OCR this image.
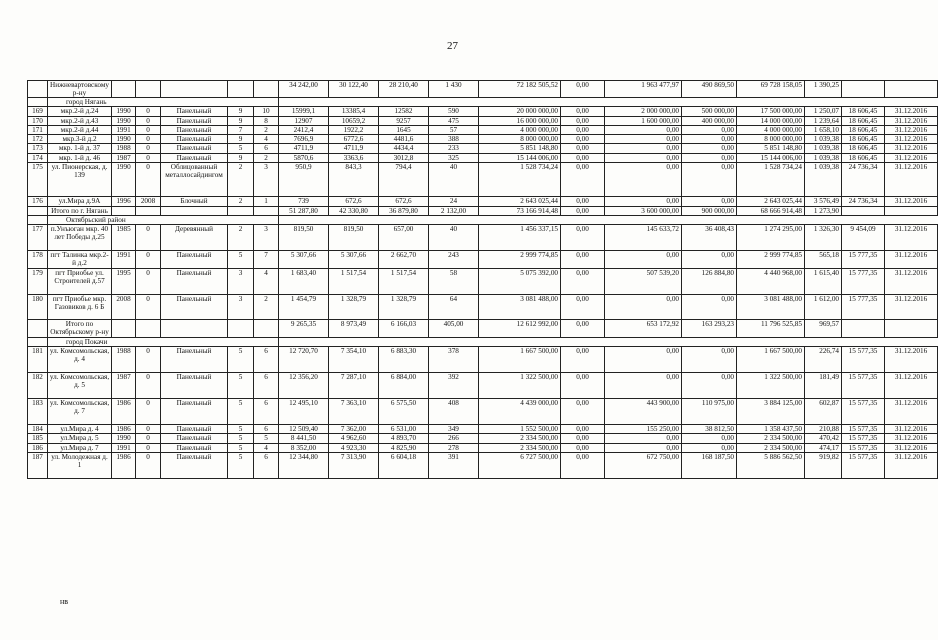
27
	Нижневартовскому р-ну						34 242,00	30 122,40	28 210,40	1 430	72 182 505,52	0,00	1 963 477,97	490 869,50	69 728 158,05	1 390,25		
	город Нягань																	
169	мкр.2-й д.24	1990	0	Панельный	9	10	15999,1	13385,4	12582	590	20 000 000,00	0,00	2 000 000,00	500 000,00	17 500 000,00	1 250,07	18 606,45	31.12.2016
170	мкр.2-й д.43	1990	0	Панельный	9	8	12907	10659,2	9257	475	16 000 000,00	0,00	1 600 000,00	400 000,00	14 000 000,00	1 239,64	18 606,45	31.12.2016
171	мкр.2-й д.44	1991	0	Панельный	7	2	2412,4	1922,2	1645	57	4 000 000,00	0,00	0,00	0,00	4 000 000,00	1 658,10	18 606,45	31.12.2016
172	мкр.3-й д.2	1990	0	Панельный	9	4	7696,9	6772,6	4481,6	388	8 000 000,00	0,00	0,00	0,00	8 000 000,00	1 039,38	18 606,45	31.12.2016
173	мкр. 1-й д. 37	1988	0	Панельный	5	6	4711,9	4711,9	4434,4	233	5 851 148,80	0,00	0,00	0,00	5 851 148,80	1 039,38	18 606,45	31.12.2016
174	мкр. 1-й д. 46	1987	0	Панельный	9	2	5870,6	3363,6	3012,8	325	15 144 006,00	0,00	0,00	0,00	15 144 006,00	1 039,38	18 606,45	31.12.2016
175	ул. Пионерская, д. 139	1990	0	Облицованный металлосайдингом	2	3	950,9	843,3	794,4	40	1 528 734,24	0,00	0,00	0,00	1 528 734,24	1 039,38	24 736,34	31.12.2016
176	ул.Мира д.9А	1996	2008	Блочный	2	1	739	672,6	672,6	24	2 643 025,44	0,00	0,00	0,00	2 643 025,44	3 576,49	24 736,34	31.12.2016
	Итого по г. Нягань						51 287,80	42 330,80	36 879,80	2 132,00	73 166 914,48	0,00	3 600 000,00	900 000,00	68 666 914,48	1 273,90		
	Октябрьский район																	
177	п.Унъюган мкр. 40 лет Победы д.25	1985	0	Деревянный	2	3	819,50	819,50	657,00	40	1 456 337,15	0,00	145 633,72	36 408,43	1 274 295,00	1 326,30	9 454,09	31.12.2016
178	пгт Талинка мкр.2-й д.2	1991	0	Панельный	5	7	5 307,66	5 307,66	2 662,70	243	2 999 774,85	0,00	0,00	0,00	2 999 774,85	565,18	15 777,35	31.12.2016
179	пгт Приобье ул. Строителей д.57	1995	0	Панельный	3	4	1 683,40	1 517,54	1 517,54	58	5 075 392,00	0,00	507 539,20	126 884,80	4 440 968,00	1 615,40	15 777,35	31.12.2016
180	пгт Приобье мкр. Газовиков д. 6 Б	2008	0	Панельный	3	2	1 454,79	1 328,79	1 328,79	64	3 081 488,00	0,00	0,00	0,00	3 081 488,00	1 612,00	15 777,35	31.12.2016
	Итого по Октябрьскому р-ну						9 265,35	8 973,49	6 166,03	405,00	12 612 992,00	0,00	653 172,92	163 293,23	11 796 525,85	969,57		
	город Покачи																	
181	ул. Комсомольская, д. 4	1988	0	Панельный	5	6	12 720,70	7 354,10	6 883,30	378	1 667 500,00	0,00	0,00	0,00	1 667 500,00	226,74	15 577,35	31.12.2016
182	ул. Комсомольская, д. 5	1987	0	Панельный	5	6	12 356,20	7 287,10	6 884,00	392	1 322 500,00	0,00	0,00	0,00	1 322 500,00	181,49	15 577,35	31.12.2016
183	ул. Комсомольская, д. 7	1986	0	Панельный	5	6	12 495,10	7 363,10	6 575,50	408	4 439 000,00	0,00	443 900,00	110 975,00	3 884 125,00	602,87	15 577,35	31.12.2016
184	ул.Мира д. 4	1986	0	Панельный	5	6	12 509,40	7 362,00	6 531,00	349	1 552 500,00	0,00	155 250,00	38 812,50	1 358 437,50	210,88	15 577,35	31.12.2016
185	ул.Мира д. 5	1990	0	Панельный	5	5	8 441,50	4 962,60	4 893,70	266	2 334 500,00	0,00	0,00	0,00	2 334 500,00	470,42	15 577,35	31.12.2016
186	ул.Мира д. 7	1991	0	Панельный	5	4	8 352,00	4 923,30	4 825,90	278	2 334 500,00	0,00	0,00	0,00	2 334 500,00	474,17	15 577,35	31.12.2016
187	ул. Молодежная д. 1	1986	0	Панельный	5	6	12 344,80	7 313,90	6 604,18	391	6 727 500,00	0,00	672 750,00	168 187,50	5 886 562,50	919,82	15 577,35	31.12.2016
нв
